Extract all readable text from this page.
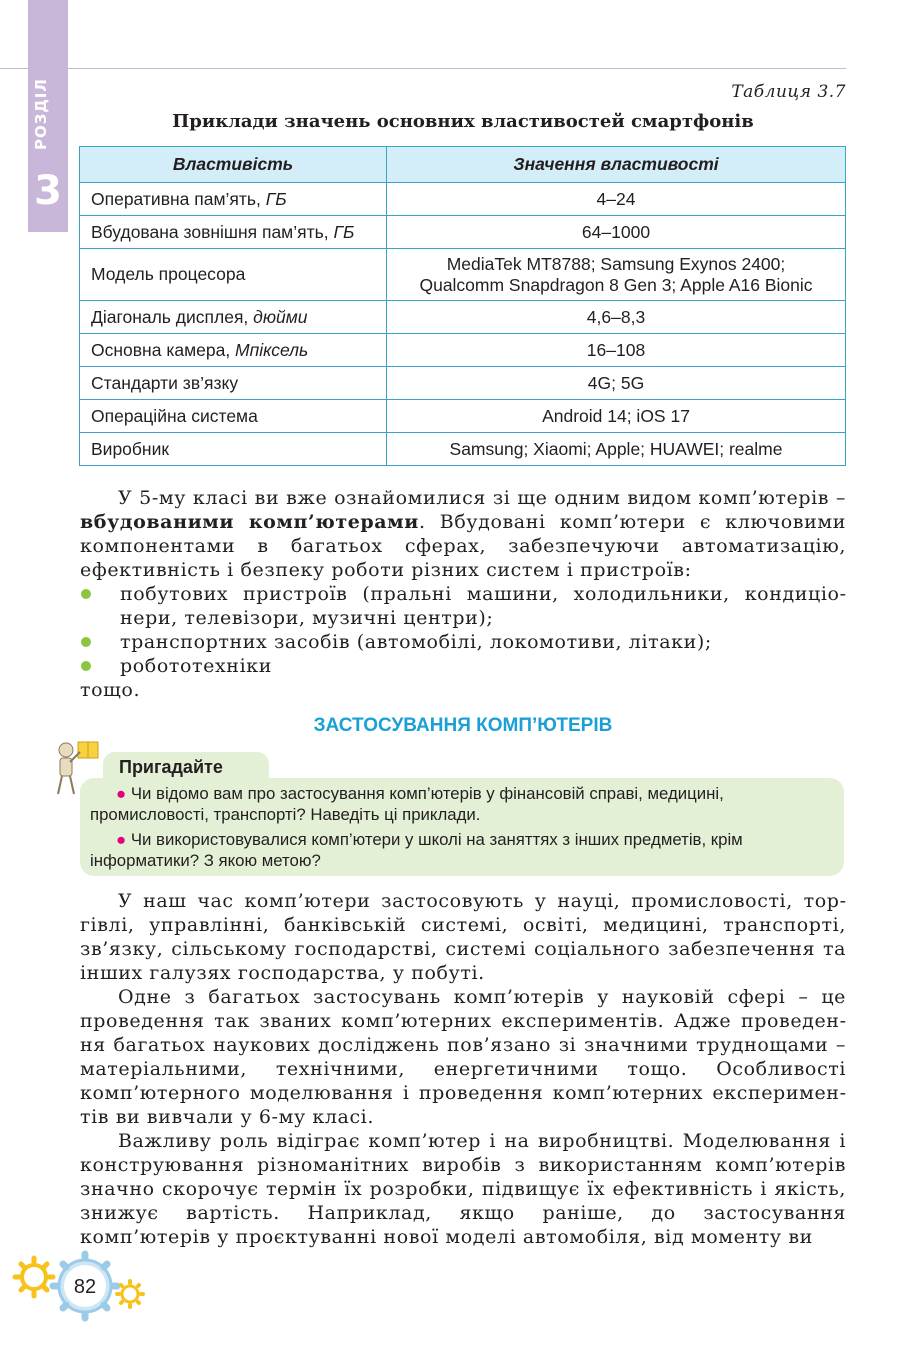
РОЗДІЛ
3
Таблиця 3.7
Приклади значень основних властивостей смартфонів
Властивість	Значення властивості
Оперативна пам’ять, ГБ	4–24
Вбудована зовнішня пам’ять, ГБ	64–1000
Модель процесора	MediaTek MT8788; Samsung Exynos 2400;
Qualcomm Snapdragon 8 Gen 3; Apple A16 Bionic
Діагональ дисплея, дюйми	4,6–8,3
Основна камера, Мпіксель	16–108
Стандарти зв’язку	4G; 5G
Операційна система	Android 14; iOS 17
Виробник	Samsung; Xiaomi; Apple; HUAWEI; realme

У 5-му класі ви вже ознайомилися зі ще одним видом комп’ютерів – вбудованими комп’ютерами. Вбудовані комп’ютери є ключовими компонентами в багатьох сферах, забезпечуючи автоматизацію, ефективність і безпеку роботи різних систем і пристроїв:

побутових пристроїв (пральні машини, холодильники, кондиціонери, телевізори, музичні центри);
транспортних засобів (автомобілі, локомотиви, літаки);
робототехніки
тощо.
ЗАСТОСУВАННЯ КОМП’ЮТЕРІВ
Пригадайте
● Чи відомо вам про застосування комп’ютерів у фінансовій справі, медицині, промисловості, транспорті? Наведіть ці приклади.
● Чи використовувалися комп’ютери у школі на заняттях з інших предметів, крім інформатики? З якою метою?

У наш час комп’ютери застосовують у науці, промисловості, торгівлі, управлінні, банківській системі, освіті, медицині, транспорті, зв’язку, сільському господарстві, системі соціального забезпечення та інших галузях господарства, у побуті.

Одне з багатьох застосувань комп’ютерів у науковій сфері – це проведення так званих комп’ютерних експериментів. Адже проведення багатьох наукових досліджень пов’язано зі значними труднощами – матеріальними, технічними, енергетичними тощо. Особливості комп’ютерного моделювання і проведення комп’ютерних експериментів ви вивчали у 6-му класі.

Важливу роль відіграє комп’ютер і на виробництві. Моделювання і конструювання різноманітних виробів з використанням комп’ютерів значно скорочує термін їх розробки, підвищує їх ефективність і якість, знижує вартість. Наприклад, якщо раніше, до застосування комп’ютерів у проєктуванні нової моделі автомобіля, від моменту ви

82
